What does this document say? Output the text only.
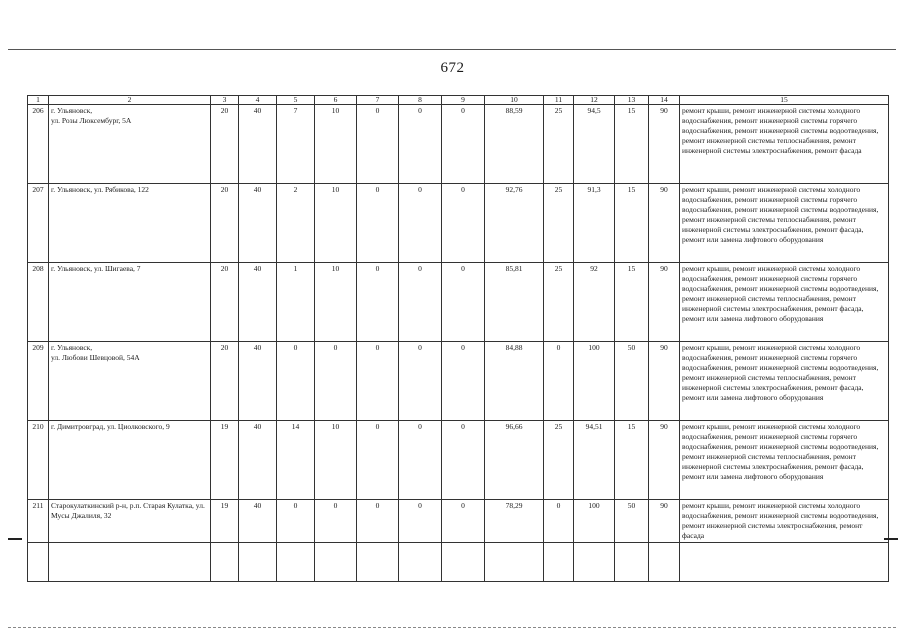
672
1	2	3	4	5	6	7	8	9	10	11	12	13	14	15
206	г. Ульяновск,
ул. Розы Люксембург, 5А	20	40	7	10	0	0	0	88,59	25	94,5	15	90	ремонт крыши, ремонт инженерной системы холодного водоснабжения, ремонт инженерной системы горячего водоснабжения, ремонт инженерной системы водоотведения, ремонт инженерной системы теплоснабжения, ремонт инженерной системы электроснабжения, ремонт фасада
207	г. Ульяновск, ул. Рябикова, 122	20	40	2	10	0	0	0	92,76	25	91,3	15	90	ремонт крыши, ремонт инженерной системы холодного водоснабжения, ремонт инженерной системы горячего водоснабжения, ремонт инженерной системы водоотведения, ремонт инженерной системы теплоснабжения, ремонт инженерной системы электроснабжения, ремонт фасада, ремонт или замена лифтового оборудования
208	г. Ульяновск, ул. Шигаева, 7	20	40	1	10	0	0	0	85,81	25	92	15	90	ремонт крыши, ремонт инженерной системы холодного водоснабжения, ремонт инженерной системы горячего водоснабжения, ремонт инженерной системы водоотведения, ремонт инженерной системы теплоснабжения, ремонт инженерной системы электроснабжения, ремонт фасада, ремонт или замена лифтового оборудования
209	г. Ульяновск,
ул. Любови Шевцовой, 54А	20	40	0	0	0	0	0	84,88	0	100	50	90	ремонт крыши, ремонт инженерной системы холодного водоснабжения, ремонт инженерной системы горячего водоснабжения, ремонт инженерной системы водоотведения, ремонт инженерной системы теплоснабжения, ремонт инженерной системы электроснабжения, ремонт фасада, ремонт или замена лифтового оборудования
210	г. Димитровград, ул. Циолковского, 9	19	40	14	10	0	0	0	96,66	25	94,51	15	90	ремонт крыши, ремонт инженерной системы холодного водоснабжения, ремонт инженерной системы горячего водоснабжения, ремонт инженерной системы водоотведения, ремонт инженерной системы теплоснабжения, ремонт инженерной системы электроснабжения, ремонт фасада, ремонт или замена лифтового оборудования
211	Старокулаткинский р-н, р.п. Старая Кулатка, ул. Мусы Джалиля, 32	19	40	0	0	0	0	0	78,29	0	100	50	90	ремонт крыши, ремонт инженерной системы холодного водоснабжения, ремонт инженерной системы водоотведения, ремонт инженерной системы электроснабжения, ремонт фасада
